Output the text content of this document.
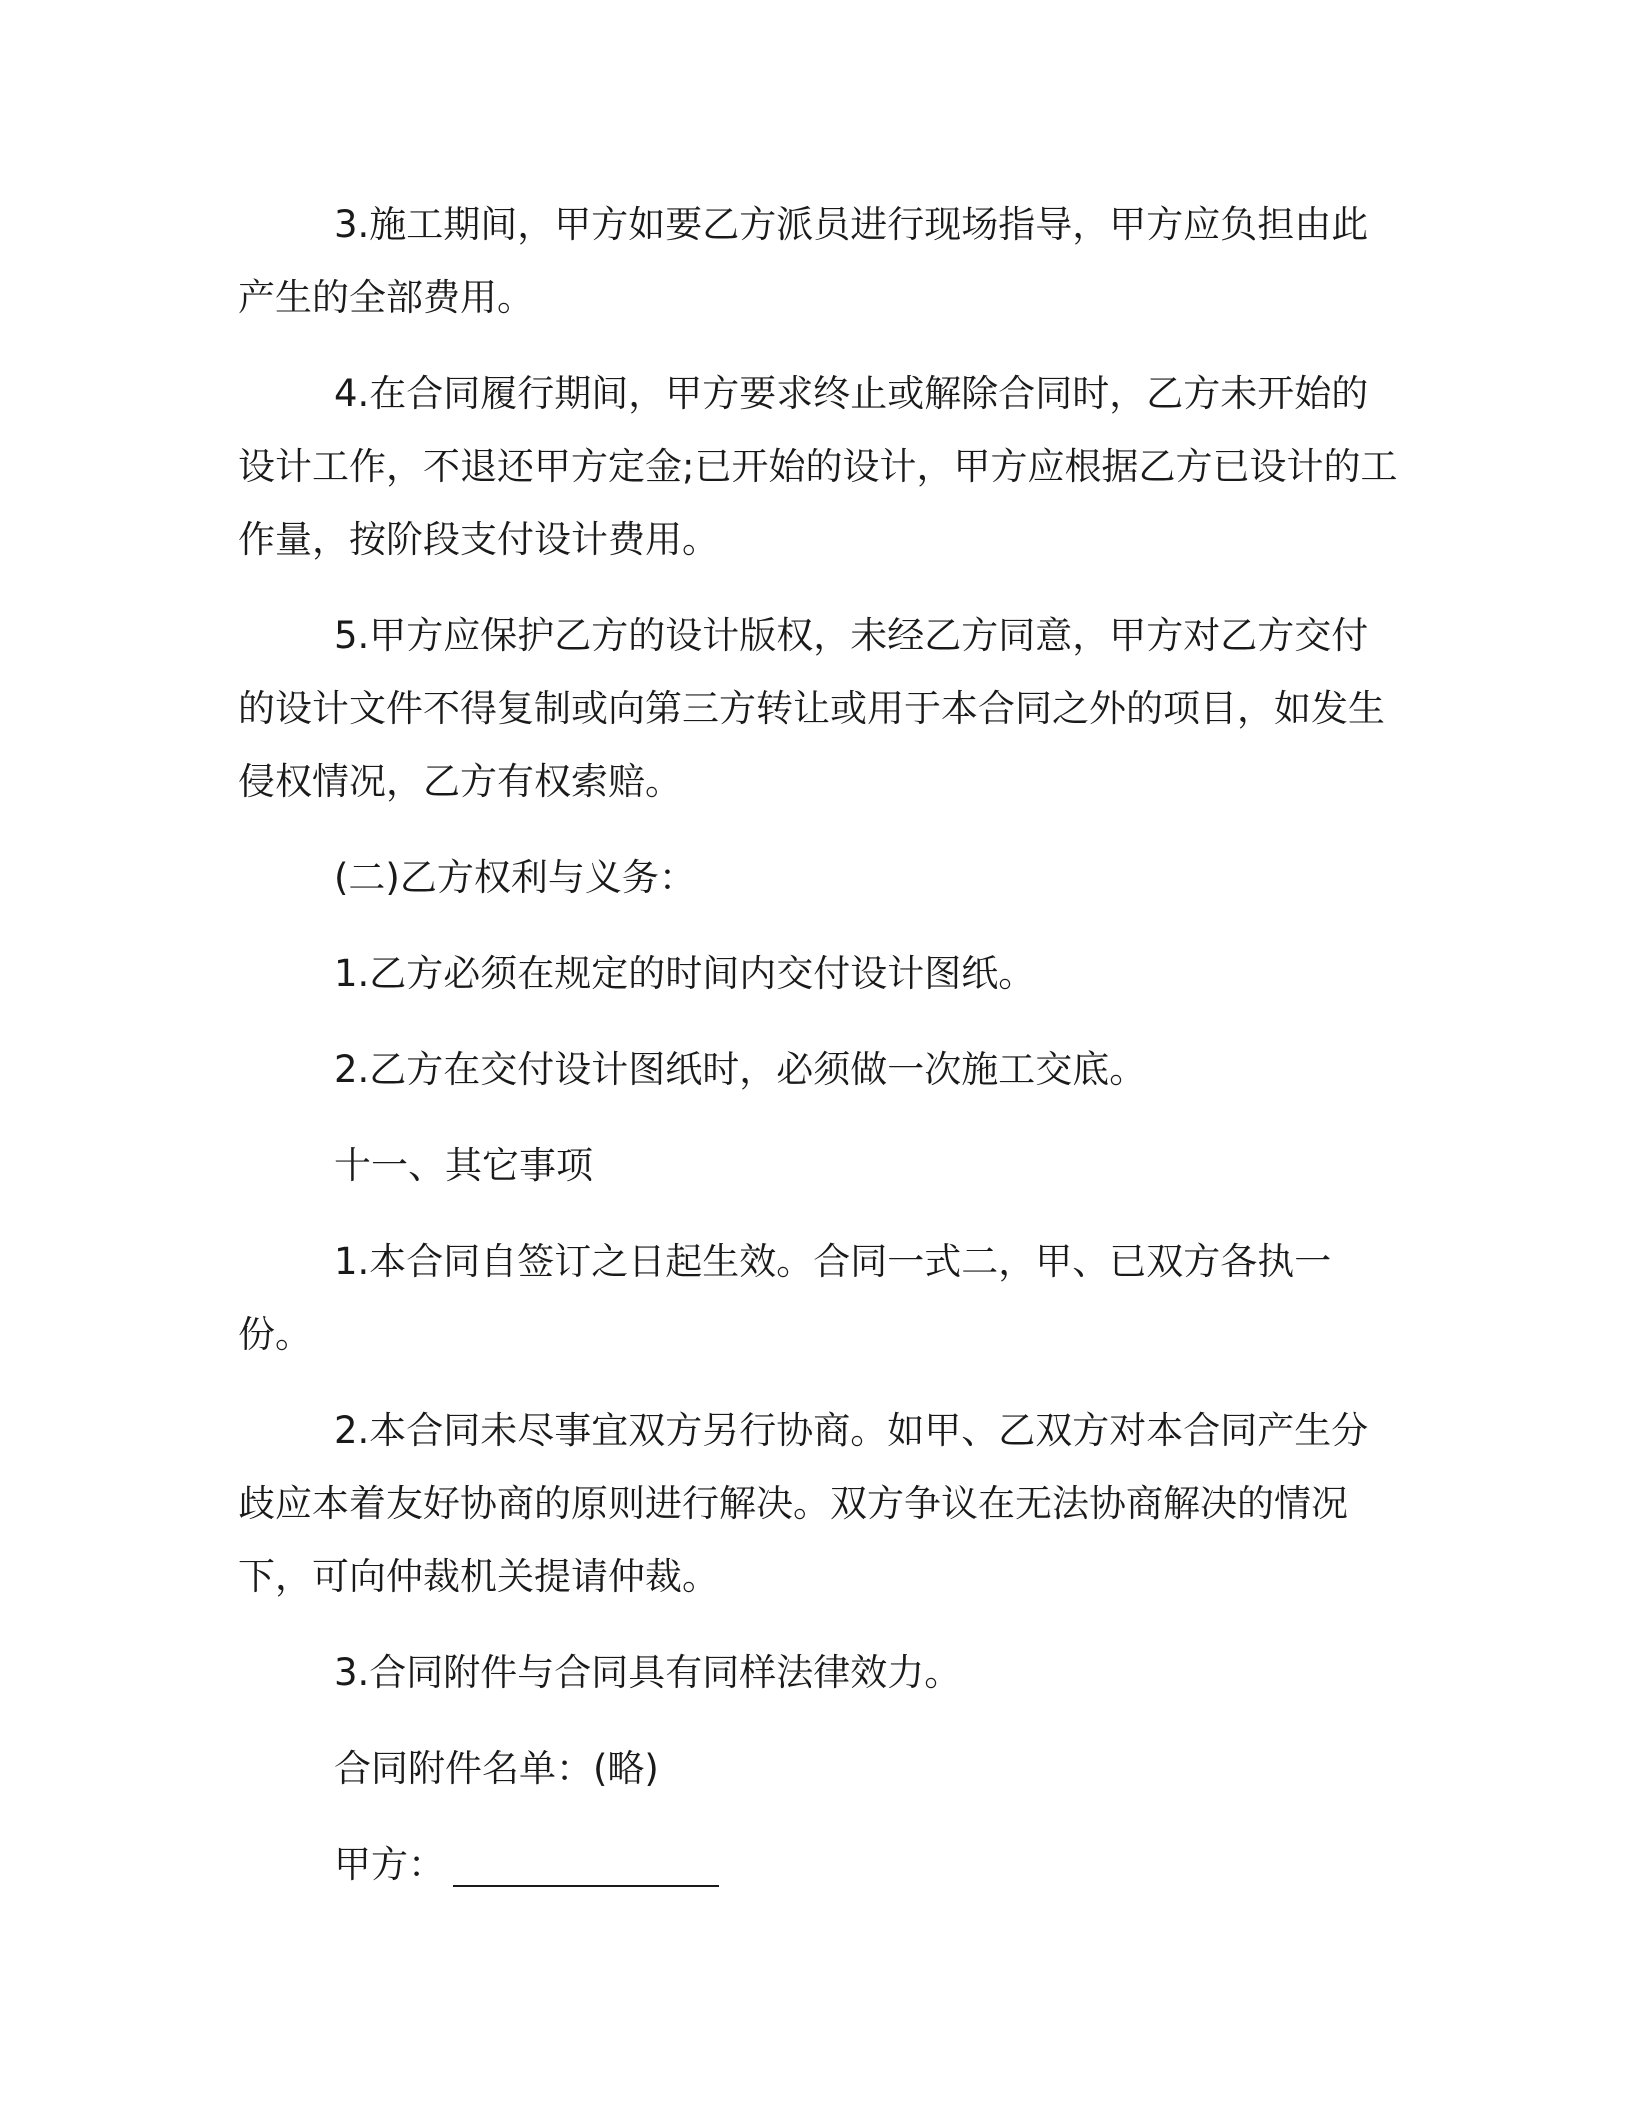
3.施工期间，甲方如要乙方派员进行现场指导，甲方应负担由此产生的全部费用。

4.在合同履行期间，甲方要求终止或解除合同时，乙方未开始的设计工作，不退还甲方定金;已开始的设计，甲方应根据乙方已设计的工作量，按阶段支付设计费用。

5.甲方应保护乙方的设计版权，未经乙方同意，甲方对乙方交付的设计文件不得复制或向第三方转让或用于本合同之外的项目，如发生侵权情况，乙方有权索赔。

(二)乙方权利与义务：

1.乙方必须在规定的时间内交付设计图纸。

2.乙方在交付设计图纸时，必须做一次施工交底。

十一、其它事项

1.本合同自签订之日起生效。合同一式二，甲、已双方各执一份。

2.本合同未尽事宜双方另行协商。如甲、乙双方对本合同产生分歧应本着友好协商的原则进行解决。双方争议在无法协商解决的情况下，可向仲裁机关提请仲裁。

3.合同附件与合同具有同样法律效力。

合同附件名单：(略)

甲方：
